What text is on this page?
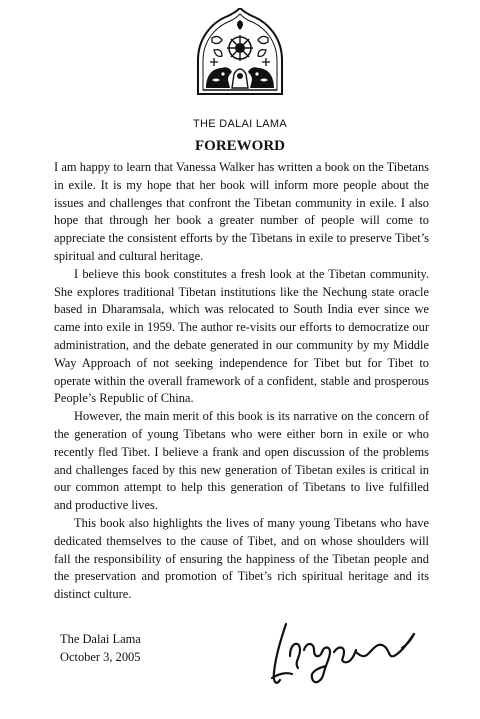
THE DALAI LAMA
FOREWORD

I am happy to learn that Vanessa Walker has written a book on the Tibetans in exile. It is my hope that her book will inform more people about the issues and challenges that confront the Tibetan community in exile. I also hope that through her book a greater number of people will come to appreciate the consistent efforts by the Tibetans in exile to preserve Tibet’s spiritual and cultural heritage.

I believe this book constitutes a fresh look at the Tibetan community. She explores traditional Tibetan institutions like the Nechung state oracle based in Dharamsala, which was relocated to South India ever since we came into exile in 1959. The author re-visits our efforts to democratize our administration, and the debate generated in our community by my Middle Way Approach of not seeking independence for Tibet but for Tibet to operate within the overall framework of a confident, stable and prosperous People’s Republic of China.

However, the main merit of this book is its narrative on the concern of the generation of young Tibetans who were either born in exile or who recently fled Tibet. I believe a frank and open discussion of the problems and challenges faced by this new generation of Tibetan exiles is critical in our common attempt to help this generation of Tibetans to live fulfilled and productive lives.

This book also highlights the lives of many young Tibetans who have dedicated themselves to the cause of Tibet, and on whose shoulders will fall the responsibility of ensuring the happiness of the Tibetan people and the preservation and promotion of Tibet’s rich spiritual heritage and its distinct culture.

The Dalai Lama
October 3, 2005
